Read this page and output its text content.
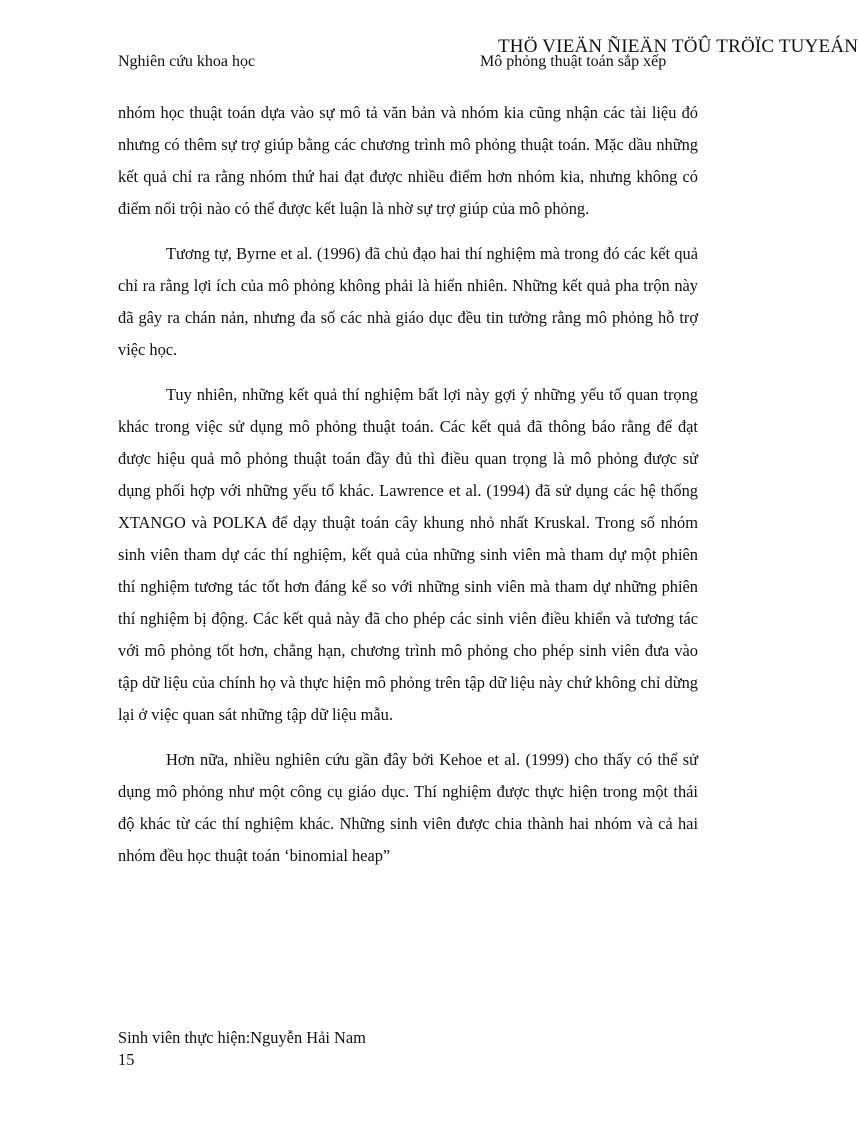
THÖ VIEÄN ÑIEÄN TÖÛ TRÖÏC TUYEÁN
Nghiên cứu khoa học	Mô phỏng thuật toán sắp xếp

nhóm học thuật toán dựa vào sự mô tả văn bản và nhóm kia cũng nhận các tài liệu đó nhưng có thêm sự trợ giúp bằng các chương trình mô phỏng thuật toán. Mặc dầu những kết quả chỉ ra rằng nhóm thứ hai đạt được nhiều điểm hơn nhóm kia, nhưng không có điểm nổi trội nào có thể được kết luận là nhờ sự trợ giúp của mô phỏng.

Tương tự, Byrne et al. (1996) đã chủ đạo hai thí nghiệm mà trong đó các kết quả chỉ ra rằng lợi ích của mô phỏng không phải là hiển nhiên. Những kết quả pha trộn này đã gây ra chán nản, nhưng đa số các nhà giáo dục đều tin tưởng rằng mô phỏng hỗ trợ việc học.

Tuy nhiên, những kết quả thí nghiệm bất lợi này gợi ý những yếu tố quan trọng khác trong việc sử dụng mô phỏng thuật toán. Các kết quả đã thông báo rằng để đạt được hiệu quả mô phỏng thuật toán đầy đủ thì điều quan trọng là mô phỏng được sử dụng phối hợp với những yếu tố khác. Lawrence et al. (1994) đã sử dụng các hệ thống XTANGO và POLKA để dạy thuật toán cây khung nhỏ nhất Kruskal. Trong số nhóm sinh viên tham dự các thí nghiệm, kết quả của những sinh viên mà tham dự một phiên thí nghiệm tương tác tốt hơn đáng kể so với những sinh viên mà tham dự những phiên thí nghiệm bị động. Các kết quả này đã cho phép các sinh viên điều khiển và tương tác với mô phỏng tốt hơn, chẳng hạn, chương trình mô phỏng cho phép sinh viên đưa vào tập dữ liệu của chính họ và thực hiện mô phỏng trên tập dữ liệu này chứ không chỉ dừng lại ở việc quan sát những tập dữ liệu mẫu.

Hơn nữa, nhiều nghiên cứu gần đây bởi Kehoe et al. (1999) cho thấy có thể sử dụng mô phỏng như một công cụ giáo dục. Thí nghiệm được thực hiện trong một thái độ khác từ các thí nghiệm khác. Những sinh viên được chia thành hai nhóm và cả hai nhóm đều học thuật toán ‘binomial heap”

Sinh viên thực hiện:Nguyễn Hải Nam
15
